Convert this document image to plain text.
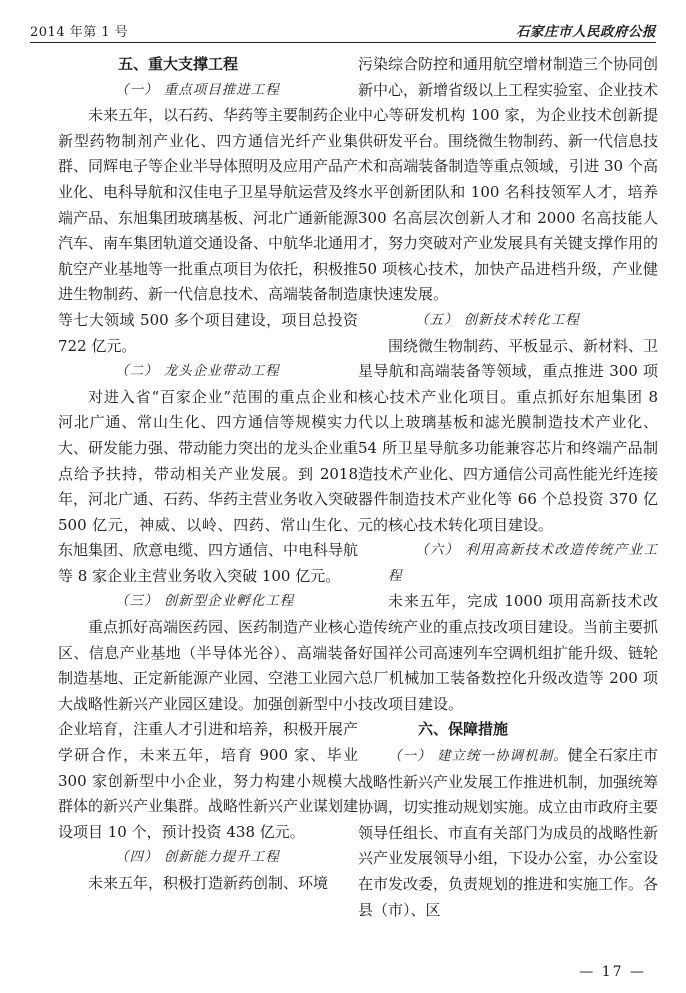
2014 年第 1 号	石家庄市人民政府公报

五、重大支撑工程

（一） 重点项目推进工程

未来五年，以石药、华药等主要制药企业新型药物制剂产业化、四方通信光纤产业集群、同辉电子等企业半导体照明及应用产品产业化、电科导航和汉佳电子卫星导航运营及终端产品、东旭集团玻璃基板、河北广通新能源汽车、南车集团轨道交通设备、中航华北通用航空产业基地等一批重点项目为依托，积极推进生物制药、新一代信息技术、高端装备制造等七大领域 500 多个项目建设，项目总投资 722 亿元。

（二） 龙头企业带动工程

对进入省“百家企业”范围的重点企业和河北广通、常山生化、四方通信等规模实力大、研发能力强、带动能力突出的龙头企业重点给予扶持，带动相关产业发展。到 2018 年，河北广通、石药、华药主营业务收入突破 500 亿元，神威、以岭、四药、常山生化、东旭集团、欣意电缆、四方通信、中电科导航等 8 家企业主营业务收入突破 100 亿元。

（三） 创新型企业孵化工程

重点抓好高端医药园、医药制造产业核心区、信息产业基地（半导体光谷）、高端装备制造基地、正定新能源产业园、空港工业园六大战略性新兴产业园区建设。加强创新型中小企业培育，注重人才引进和培养，积极开展产学研合作，未来五年，培育 900 家、毕业 300 家创新型中小企业，努力构建小规模大群体的新兴产业集群。战略性新兴产业谋划建设项目 10 个，预计投资 438 亿元。

（四） 创新能力提升工程

未来五年，积极打造新药创制、环境

污染综合防控和通用航空增材制造三个协同创新中心，新增省级以上工程实验室、企业技术中心等研发机构 100 家，为企业技术创新提供研发平台。围绕微生物制药、新一代信息技术和高端装备制造等重点领域，引进 30 个高水平创新团队和 100 名科技领军人才，培养 300 名高层次创新人才和 2000 名高技能人才，努力突破对产业发展具有关键支撑作用的 50 项核心技术，加快产品进档升级，产业健康快速发展。

（五） 创新技术转化工程

围绕微生物制药、平板显示、新材料、卫星导航和高端装备等领域，重点推进 300 项核心技术产业化项目。重点抓好东旭集团 8 代以上玻璃基板和滤光膜制造技术产业化、54 所卫星导航多功能兼容芯片和终端产品制造技术产业化、四方通信公司高性能光纤连接器件制造技术产业化等 66 个总投资 370 亿元的核心技术转化项目建设。

（六） 利用高新技术改造传统产业工程

未来五年，完成 1000 项用高新技术改造传统产业的重点技改项目建设。当前主要抓好国祥公司高速列车空调机组扩能升级、链轮总厂机械加工装备数控化升级改造等 200 项技改项目建设。

六、保障措施

（一） 建立统一协调机制。健全石家庄市战略性新兴产业发展工作推进机制，加强统筹协调，切实推动规划实施。成立由市政府主要领导任组长、市直有关部门为成员的战略性新兴产业发展领导小组，下设办公室，办公室设在市发改委，负责规划的推进和实施工作。各县（市）、区

— 17 —
